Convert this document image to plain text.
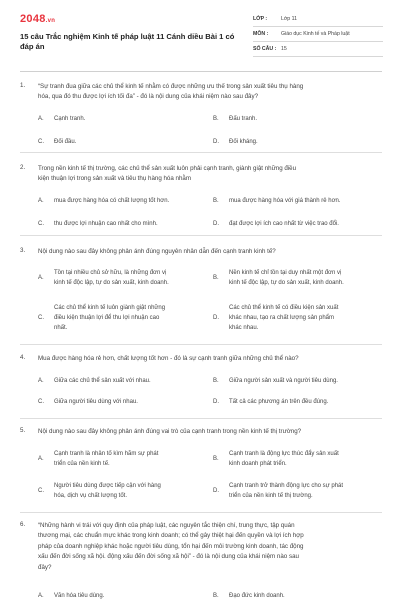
2048.vn
15 câu Trắc nghiệm Kinh tế pháp luật 11 Cánh diều Bài 1 có đáp án
LỚP :	Lớp 11
MÔN :	Giáo dục Kinh tế và Pháp luật
SỐ CÂU : 15
1. “Sự tranh đua giữa các chủ thể kinh tế nhằm có được những ưu thế trong sản xuất tiêu thụ hàng
hóa, qua đó thu được lợi ích tối đa” - đó là nội dung của khái niệm nào sau đây?
A. Cạnh tranh.	B. Đấu tranh.
C. Đối đầu.	D. Đối kháng.
2. Trong nền kinh tế thị trường, các chủ thể sản xuất luôn phải cạnh tranh, giành giật những điều
kiện thuận lợi trong sản xuất và tiêu thụ hàng hóa nhằm
A. mua được hàng hóa có chất lượng tốt hơn.	B. mua được hàng hóa với giá thành rẻ hơn.
C. thu được lợi nhuận cao nhất cho mình.	D. đạt được lợi ích cao nhất từ việc trao đổi.
3. Nội dung nào sau đây không phản ánh đúng nguyên nhân dẫn đến cạnh tranh kinh tế?
A.
Tồn tại nhiều chủ sở hữu, là những đơn vị
kinh tế độc lập, tự do sản xuất, kinh doanh.
B.
Nền kinh tế chỉ tồn tại duy nhất một đơn vị
kinh tế độc lập, tự do sản xuất, kinh doanh.
C.
Các chủ thể kinh tế luôn giành giật những
điều kiện thuận lợi để thu lợi nhuận cao
nhất.
D.
Các chủ thể kinh tế có điều kiện sản xuất
khác nhau, tạo ra chất lượng sản phẩm
khác nhau.
4. Mua được hàng hóa rẻ hơn, chất lượng tốt hơn - đó là sự cạnh tranh giữa những chủ thể nào?
A. Giữa các chủ thể sản xuất với nhau.	B. Giữa người sản xuất và người tiêu dùng.
C. Giữa người tiêu dùng với nhau.	D. Tất cả các phương án trên đều đúng.
5. Nội dung nào sau đây không phản ánh đúng vai trò của cạnh tranh trong nền kinh tế thị trường?
A.
Cạnh tranh là nhân tố kìm hãm sự phát
triển của nền kinh tế.
B.
Cạnh tranh là động lực thúc đẩy sản xuất
kinh doanh phát triển.
C.
Người tiêu dùng được tiếp cận với hàng
hóa, dịch vụ chất lượng tốt.
D.
Cạnh tranh trở thành động lực cho sự phát
triển của nền kinh tế thị trường.
6. “Những hành vi trái với quy định của pháp luật, các nguyên tắc thiện chí, trung thực, tập quán
thương mại, các chuẩn mực khác trong kinh doanh; có thể gây thiệt hại đến quyền và lợi ích hợp
pháp của doanh nghiệp khác hoặc người tiêu dùng, tổn hại đến môi trường kinh doanh, tác động
xấu đến đời sống xã hội. động xấu đến đời sống xã hội” - đó là nội dung của khái niệm nào sau
đây?
A. Văn hóa tiêu dùng.	B. Đạo đức kinh doanh.
